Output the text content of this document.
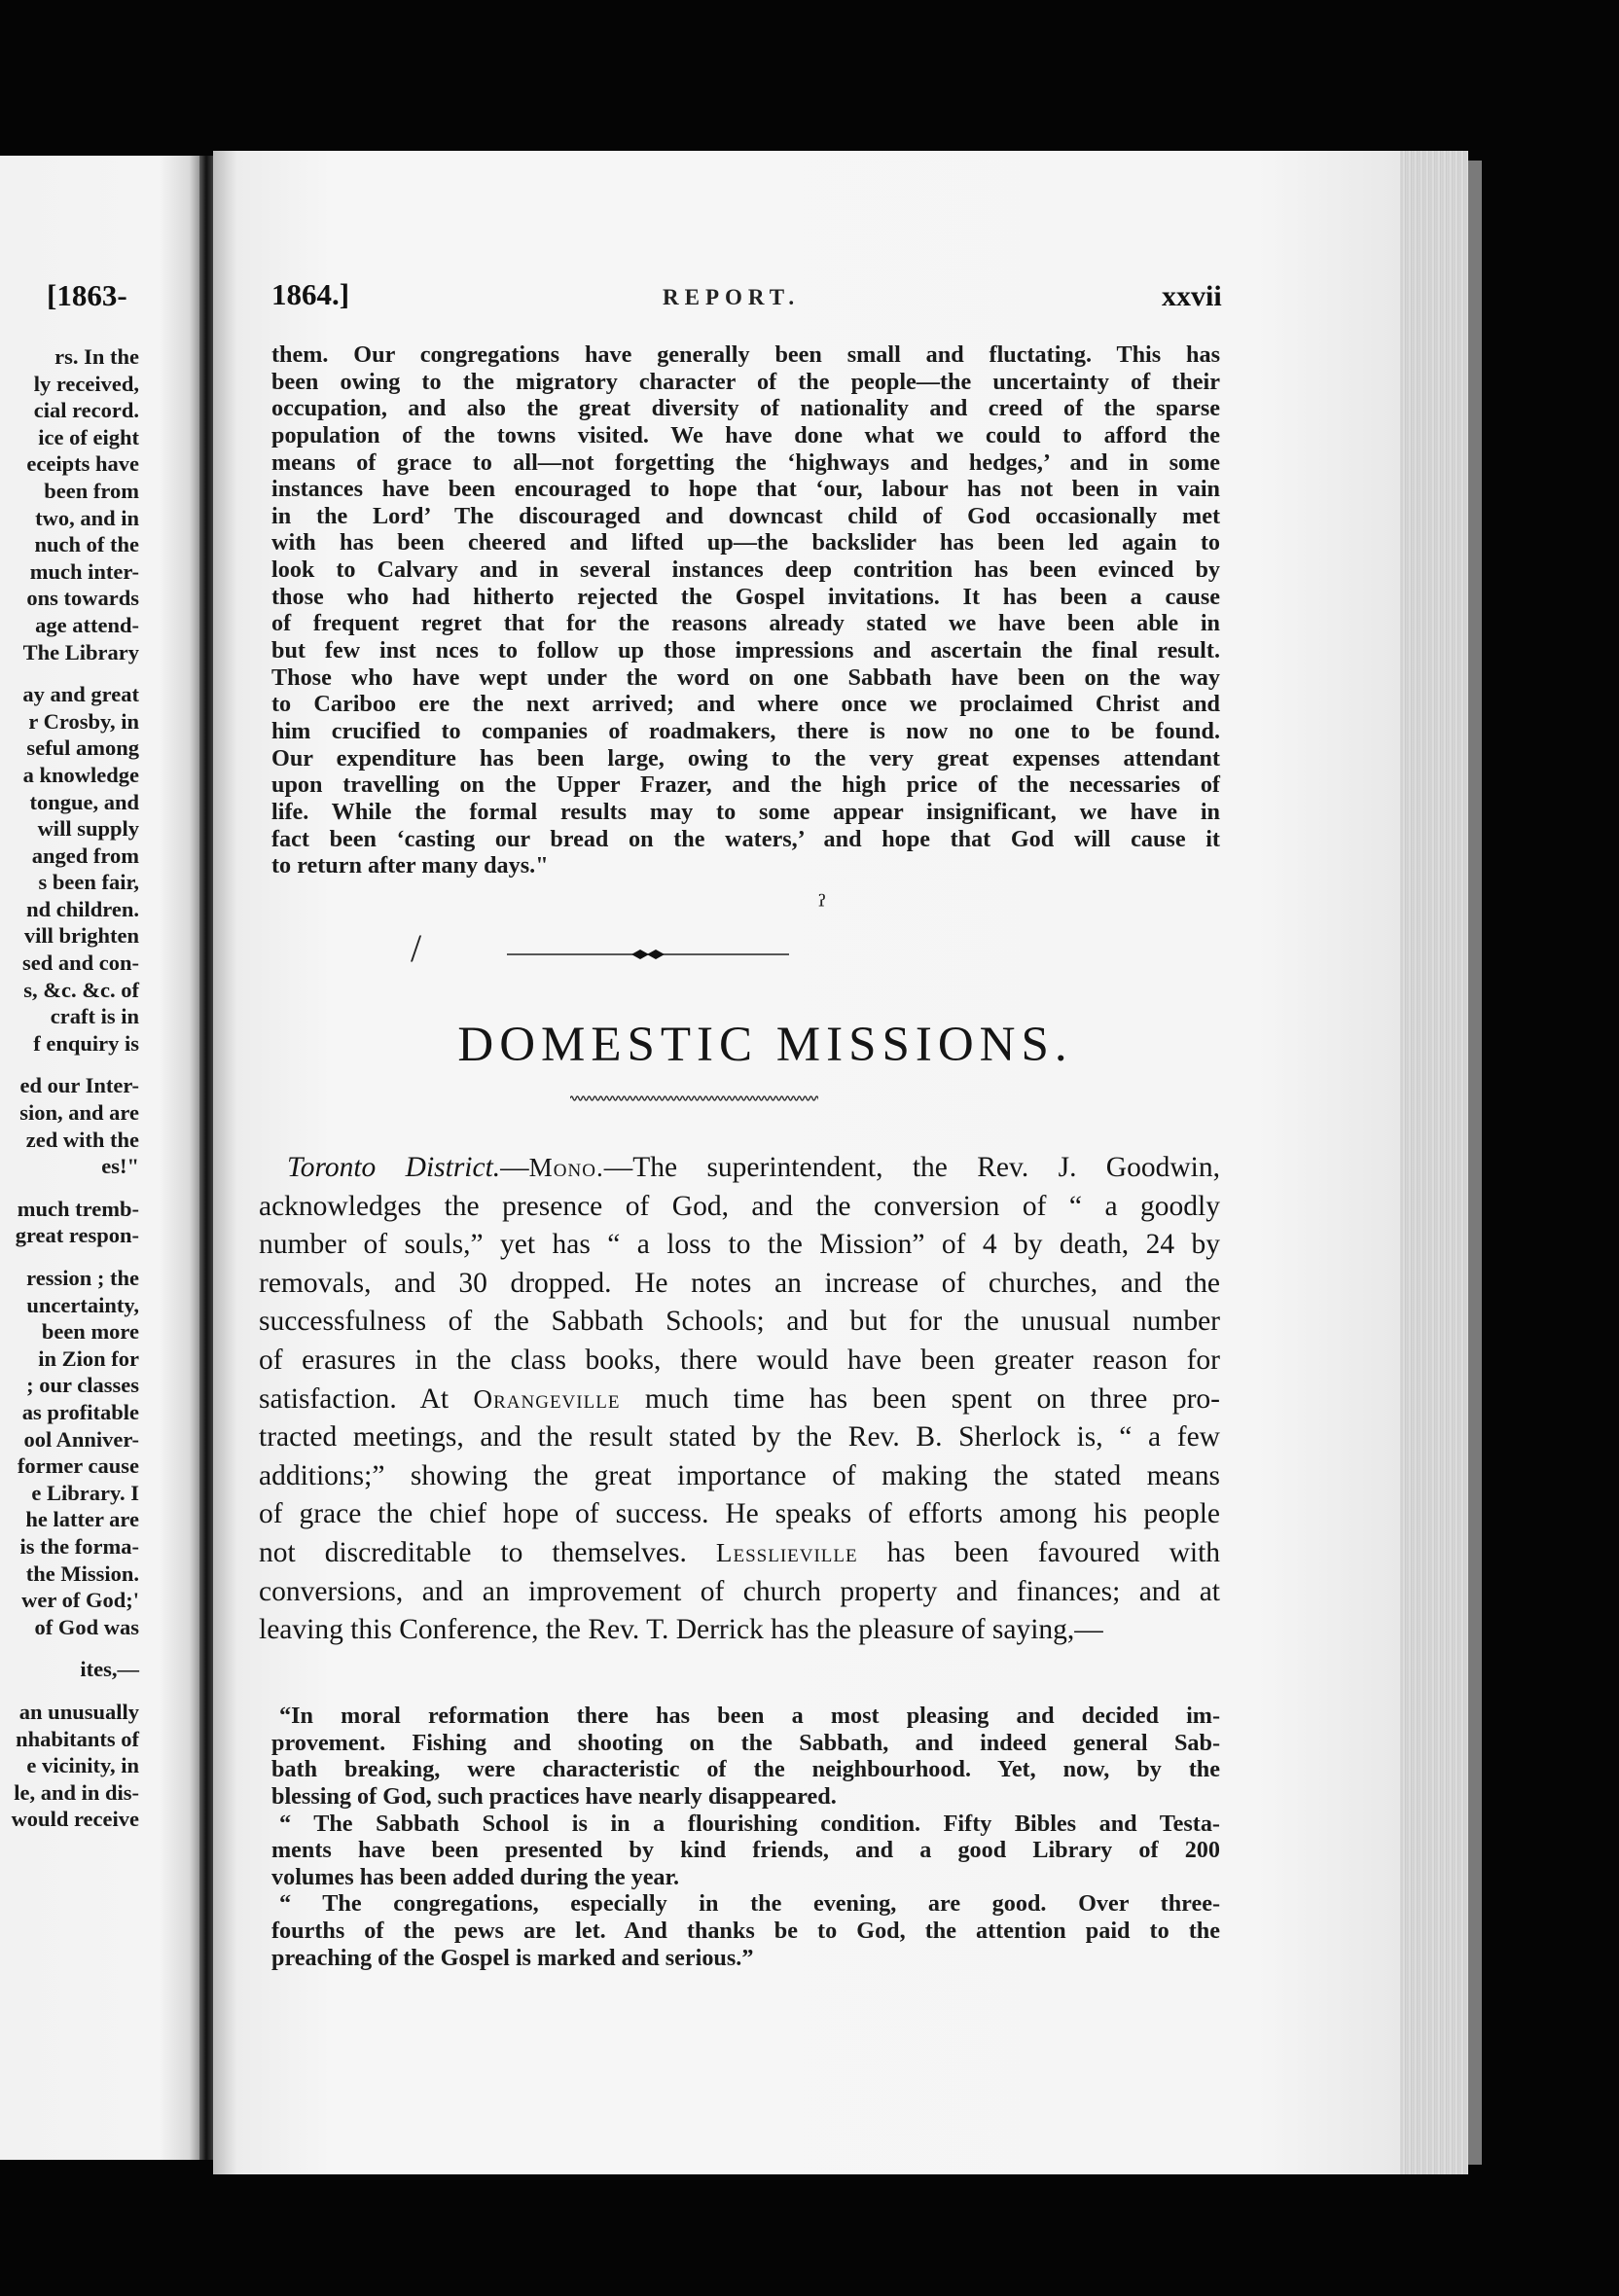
[1863-
rs. In the
ly received,
cial record.
ice of eight
eceipts have
been from
two, and in
nuch of the
much inter-
ons towards
age attend-
The Library
ay and great
r Crosby, in
seful among
a knowledge
tongue, and
will supply
anged from
s been fair,
nd children.
vill brighten
sed and con-
s, &c. &c. of
craft is in
f enquiry is
ed our Inter-
sion, and are
zed with the
es!"
much tremb-
great respon-
ression ; the
uncertainty,
been more
in Zion for
; our classes
as profitable
ool Anniver-
former cause
e Library. I
he latter are
is the forma-
the Mission.
wer of God;'
of God was
ites,—
an unusually
nhabitants of
e vicinity, in
le, and in dis-
would receive
1864.]	REPORT.	xxvii
them. Our congregations have generally been small and fluctating. This has
been owing to the migratory character of the people—the uncertainty of their
occupation, and also the great diversity of nationality and creed of the sparse
population of the towns visited. We have done what we could to afford the
means of grace to all—not forgetting the ‘highways and hedges,’ and in some
instances have been encouraged to hope that ‘our, labour has not been in vain
in the Lord’ The discouraged and downcast child of God occasionally met
with has been cheered and lifted up—the backslider has been led again to
look to Calvary and in several instances deep contrition has been evinced by
those who had hitherto rejected the Gospel invitations. It has been a cause
of frequent regret that for the reasons already stated we have been able in
but few inst nces to follow up those impressions and ascertain the final result.
Those who have wept under the word on one Sabbath have been on the way
to Cariboo ere the next arrived; and where once we proclaimed Christ and
him crucified to companies of roadmakers, there is now no one to be found.
Our expenditure has been large, owing to the very great expenses attendant
upon travelling on the Upper Frazer, and the high price of the necessaries of
life. While the formal results may to some appear insignificant, we have in
fact been ‘casting our bread on the waters,’ and hope that God will cause it
to return after many days."
/
ˀ
DOMESTIC MISSIONS.
Toronto District.—Mono.—The superintendent, the Rev. J. Goodwin,
acknowledges the presence of God, and the conversion of “ a goodly
number of souls,” yet has “ a loss to the Mission” of 4 by death, 24 by
removals, and 30 dropped. He notes an increase of churches, and the
successfulness of the Sabbath Schools; and but for the unusual number
of erasures in the class books, there would have been greater reason for
satisfaction. At Orangeville much time has been spent on three pro-
tracted meetings, and the result stated by the Rev. B. Sherlock is, “ a few
additions;” showing the great importance of making the stated means
of grace the chief hope of success. He speaks of efforts among his people
not discreditable to themselves. Lesslieville has been favoured with
conversions, and an improvement of church property and finances; and at
leaving this Conference, the Rev. T. Derrick has the pleasure of saying,—
“In moral reformation there has been a most pleasing and decided im-
provement. Fishing and shooting on the Sabbath, and indeed general Sab-
bath breaking, were characteristic of the neighbourhood. Yet, now, by the
blessing of God, such practices have nearly disappeared.
“ The Sabbath School is in a flourishing condition. Fifty Bibles and Testa-
ments have been presented by kind friends, and a good Library of 200
volumes has been added during the year.
“ The congregations, especially in the evening, are good. Over three-
fourths of the pews are let. And thanks be to God, the attention paid to the
preaching of the Gospel is marked and serious.”
